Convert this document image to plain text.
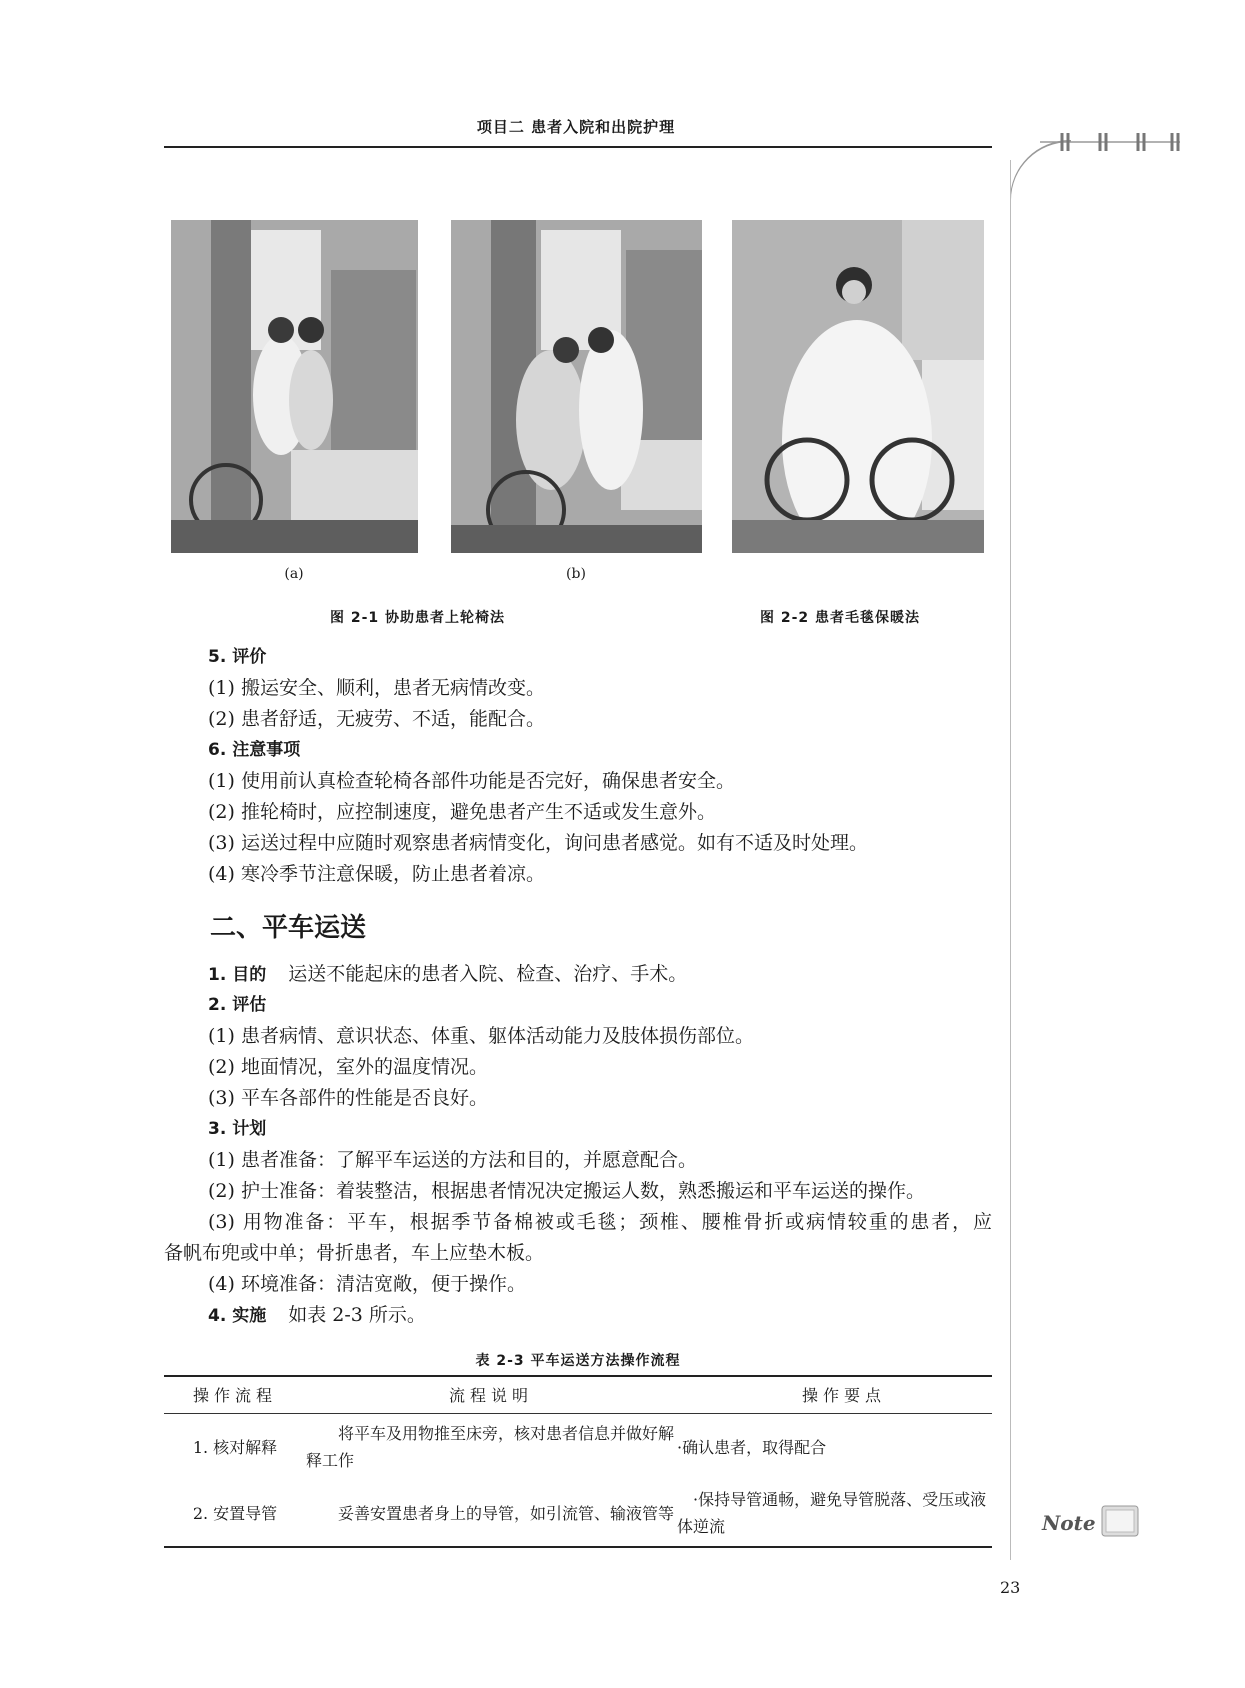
项目二 患者入院和出院护理
(a)	(b)
图 2-1 协助患者上轮椅法	图 2-2 患者毛毯保暖法
5. 评价
(1) 搬运安全、顺利，患者无病情改变。
(2) 患者舒适，无疲劳、不适，能配合。
6. 注意事项
(1) 使用前认真检查轮椅各部件功能是否完好，确保患者安全。
(2) 推轮椅时，应控制速度，避免患者产生不适或发生意外。
(3) 运送过程中应随时观察患者病情变化，询问患者感觉。如有不适及时处理。
(4) 寒冷季节注意保暖，防止患者着凉。
二、平车运送
1. 目的 运送不能起床的患者入院、检查、治疗、手术。
2. 评估
(1) 患者病情、意识状态、体重、躯体活动能力及肢体损伤部位。
(2) 地面情况，室外的温度情况。
(3) 平车各部件的性能是否良好。
3. 计划
(1) 患者准备：了解平车运送的方法和目的，并愿意配合。
(2) 护士准备：着装整洁，根据患者情况决定搬运人数，熟悉搬运和平车运送的操作。
(3) 用物准备：平车，根据季节备棉被或毛毯；颈椎、腰椎骨折或病情较重的患者，应
备帆布兜或中单；骨折患者，车上应垫木板。
(4) 环境准备：清洁宽敞，便于操作。
4. 实施 如表 2-3 所示。
表 2-3 平车运送方法操作流程
操作流程	流程说明	操作要点
1. 核对解释	将平车及用物推至床旁，核对患者信息并做好解释工作	·确认患者，取得配合
2. 安置导管	妥善安置患者身上的导管，如引流管、输液管等	·保持导管通畅，避免导管脱落、受压或液体逆流	Note
23
